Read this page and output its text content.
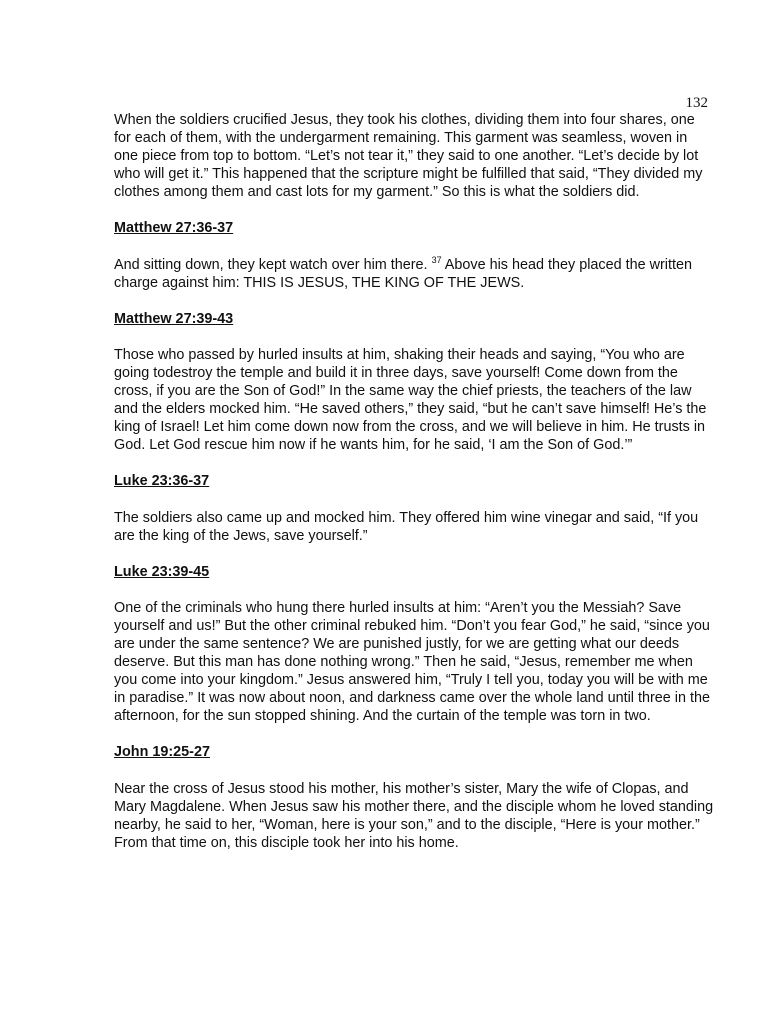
132

When the soldiers crucified Jesus, they took his clothes, dividing them into four shares, one for each of them, with the undergarment remaining. This garment was seamless, woven in one piece from top to bottom. “Let’s not tear it,” they said to one another. “Let’s decide by lot who will get it.” This happened that the scripture might be fulfilled that said, “They divided my clothes among them and cast lots for my garment.” So this is what the soldiers did.

Matthew 27:36-37

And sitting down, they kept watch over him there. $^{37}$ Above his head they placed the written charge against him: THIS IS JESUS, THE KING OF THE JEWS.

Matthew 27:39-43

Those who passed by hurled insults at him, shaking their heads and saying, “You who are going todestroy the temple and build it in three days, save yourself! Come down from the cross, if you are the Son of God!” In the same way the chief priests, the teachers of the law and the elders mocked him. “He saved others,” they said, “but he can’t save himself! He’s the king of Israel! Let him come down now from the cross, and we will believe in him. He trusts in God. Let God rescue him now if he wants him, for he said, ‘I am the Son of God.’”

Luke 23:36-37

The soldiers also came up and mocked him. They offered him wine vinegar and said, “If you are the king of the Jews, save yourself.”

Luke 23:39-45

One of the criminals who hung there hurled insults at him: “Aren’t you the Messiah? Save yourself and us!” But the other criminal rebuked him. “Don’t you fear God,” he said, “since you are under the same sentence? We are punished justly, for we are getting what our deeds deserve. But this man has done nothing wrong.” Then he said, “Jesus, remember me when you come into your kingdom.” Jesus answered him, “Truly I tell you, today you will be with me in paradise.” It was now about noon, and darkness came over the whole land until three in the afternoon, for the sun stopped shining. And the curtain of the temple was torn in two.

John 19:25-27

Near the cross of Jesus stood his mother, his mother’s sister, Mary the wife of Clopas, and Mary Magdalene. When Jesus saw his mother there, and the disciple whom he loved standing nearby, he said to her, “Woman, here is your son,” and to the disciple, “Here is your mother.” From that time on, this disciple took her into his home.
